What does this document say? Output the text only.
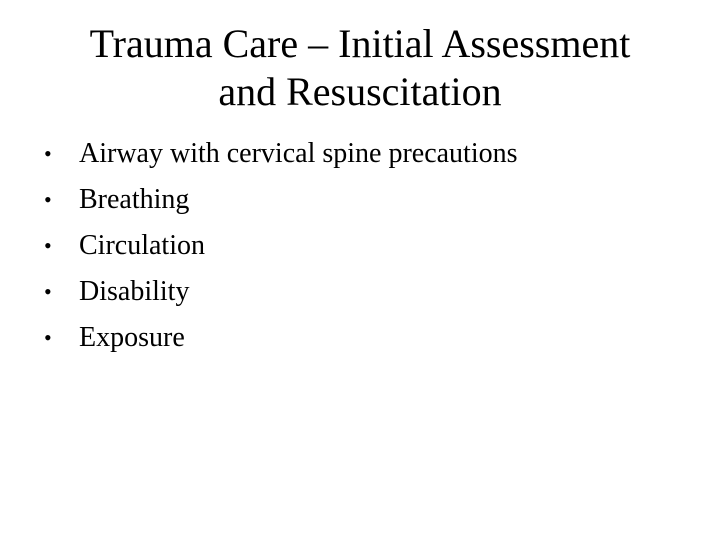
Trauma Care – Initial Assessment
and Resuscitation
• Airway with cervical spine precautions
• Breathing
• Circulation
• Disability
• Exposure
